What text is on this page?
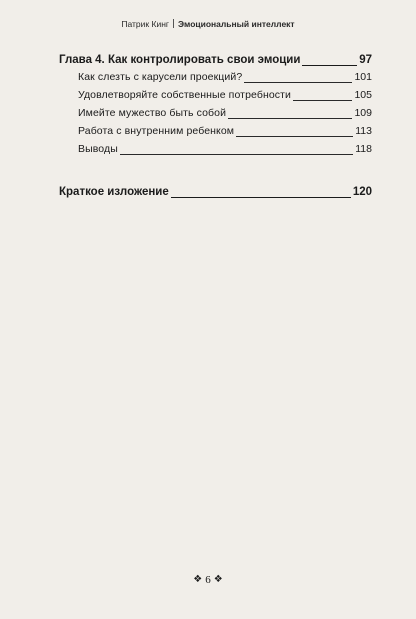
Патрик Кинг Эмоциональный интеллект
Глава 4. Как контролировать свои эмоции	97
Как слезть с карусели проекций?	101
Удовлетворяйте собственные потребности	105
Имейте мужество быть собой	109
Работа с внутренним ребенком	113
Выводы	118
Краткое изложение	120
❖ 6 ❖
